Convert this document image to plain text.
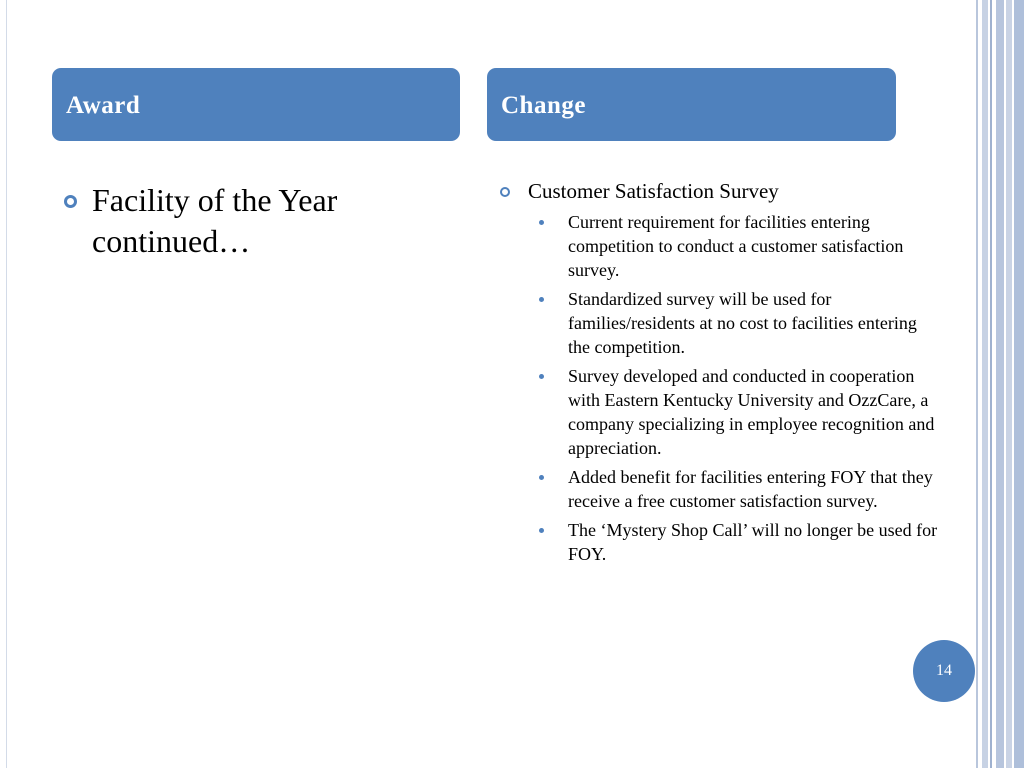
Award	Change
Facility of the Year continued…
Customer Satisfaction Survey
Current requirement for facilities entering competition to conduct a customer satisfaction survey.
Standardized survey will be used for families/residents at no cost to facilities entering the competition.
Survey developed and conducted in cooperation with Eastern Kentucky University and OzzCare, a company specializing in employee recognition and appreciation.
Added benefit for facilities entering FOY that they receive a free customer satisfaction survey.
The ‘Mystery Shop Call’ will no longer be used for FOY.
14
